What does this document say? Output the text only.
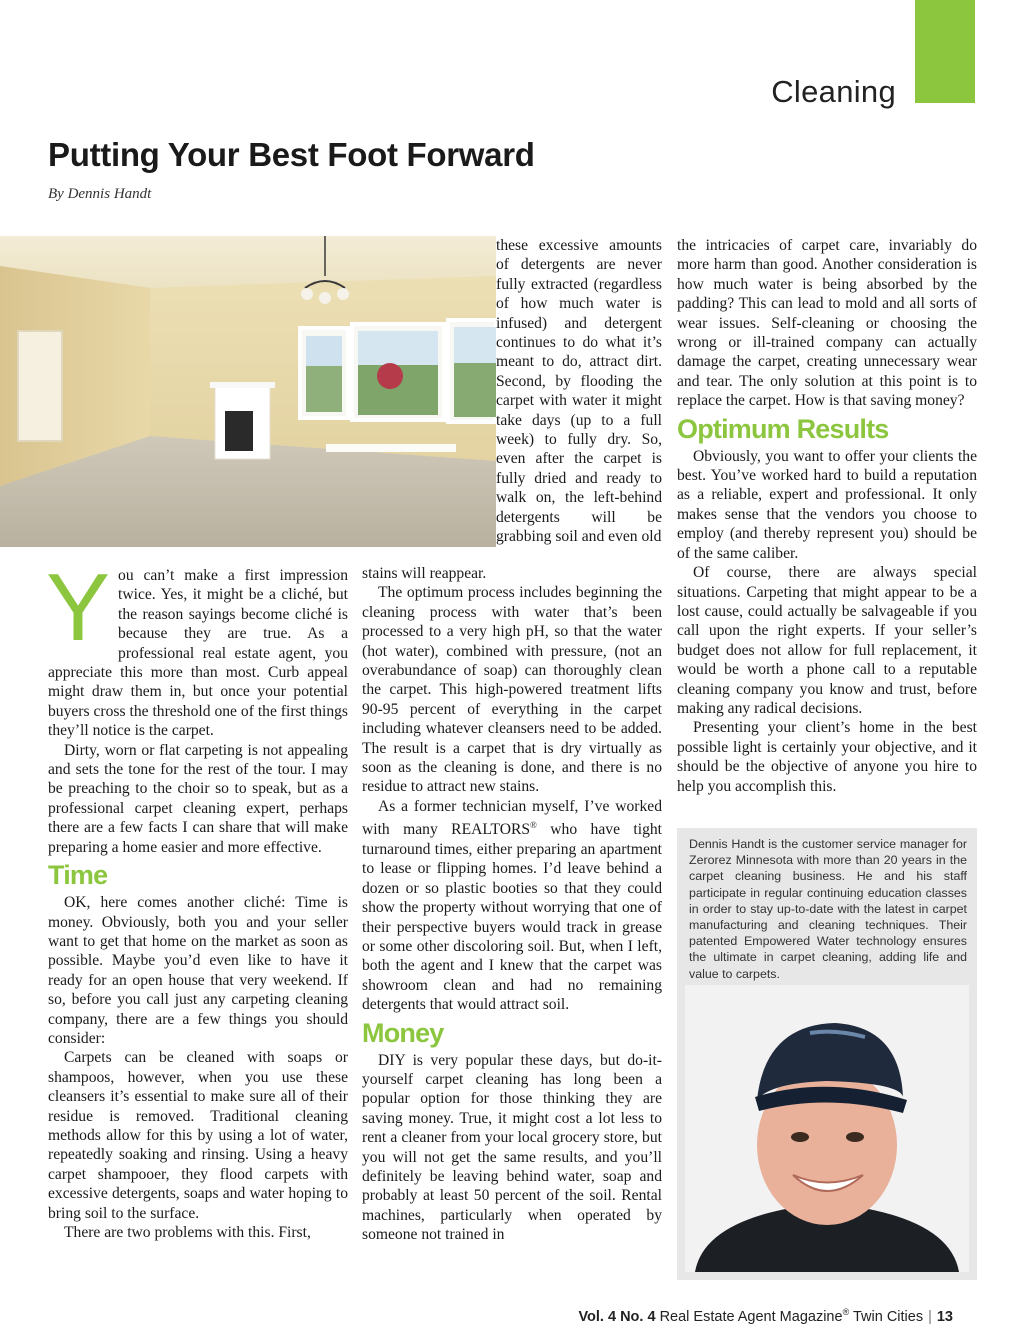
Cleaning
Putting Your Best Foot Forward
By Dennis Handt

these excessive amounts of detergents are never fully extracted (regardless of how much water is infused) and detergent continues to do what it’s meant to do, attract dirt. Second, by flooding the carpet with water it might take days (up to a full week) to fully dry. So, even after the carpet is fully dried and ready to walk on, the left-behind detergents will be grabbing soil and even old

Y ou can’t make a first impression twice. Yes, it might be a cliché, but the reason sayings become cliché is because they are true. As a professional real estate agent, you appreciate this more than most. Curb appeal might draw them in, but once your potential buyers cross the threshold one of the first things they’ll notice is the carpet.

Dirty, worn or flat carpeting is not appealing and sets the tone for the rest of the tour. I may be preaching to the choir so to speak, but as a professional carpet cleaning expert, perhaps there are a few facts I can share that will make preparing a home easier and more effective.

Time

OK, here comes another cliché: Time is money. Obviously, both you and your seller want to get that home on the market as soon as possible. Maybe you’d even like to have it ready for an open house that very weekend. If so, before you call just any carpeting cleaning company, there are a few things you should consider:

Carpets can be cleaned with soaps or shampoos, however, when you use these cleansers it’s essential to make sure all of their residue is removed. Traditional cleaning methods allow for this by using a lot of water, repeatedly soaking and rinsing. Using a heavy carpet shampooer, they flood carpets with excessive detergents, soaps and water hoping to bring soil to the surface.

There are two problems with this. First,

stains will reappear.

The optimum process includes beginning the cleaning process with water that’s been processed to a very high pH, so that the water (hot water), combined with pressure, (not an overabundance of soap) can thoroughly clean the carpet. This high-powered treatment lifts 90-95 percent of everything in the carpet including whatever cleansers need to be added. The result is a carpet that is dry virtually as soon as the cleaning is done, and there is no residue to attract new stains.

As a former technician myself, I’ve worked with many REALTORS® who have tight turnaround times, either preparing an apartment to lease or flipping homes. I’d leave behind a dozen or so plastic booties so that they could show the property without worrying that one of their perspective buyers would track in grease or some other discoloring soil. But, when I left, both the agent and I knew that the carpet was showroom clean and had no remaining detergents that would attract soil.

Money

DIY is very popular these days, but do-it-yourself carpet cleaning has long been a popular option for those thinking they are saving money. True, it might cost a lot less to rent a cleaner from your local grocery store, but you will not get the same results, and you’ll definitely be leaving behind water, soap and probably at least 50 percent of the soil. Rental machines, particularly when operated by someone not trained in

the intricacies of carpet care, invariably do more harm than good. Another consideration is how much water is being absorbed by the padding? This can lead to mold and all sorts of wear issues. Self-cleaning or choosing the wrong or ill-trained company can actually damage the carpet, creating unnecessary wear and tear. The only solution at this point is to replace the carpet. How is that saving money?

Optimum Results

Obviously, you want to offer your clients the best. You’ve worked hard to build a reputation as a reliable, expert and professional. It only makes sense that the vendors you choose to employ (and thereby represent you) should be of the same caliber.

Of course, there are always special situations. Carpeting that might appear to be a lost cause, could actually be salvageable if you call upon the right experts. If your seller’s budget does not allow for full replacement, it would be worth a phone call to a reputable cleaning company you know and trust, before making any radical decisions.

Presenting your client’s home in the best possible light is certainly your objective, and it should be the objective of anyone you hire to help you accomplish this.

Dennis Handt is the customer service manager for Zerorez Minnesota with more than 20 years in the carpet cleaning business. He and his staff participate in regular continuing education classes in order to stay up-to-date with the latest in carpet manufacturing and cleaning techniques. Their patented Empowered Water technology ensures the ultimate in carpet cleaning, adding life and value to carpets.
Vol. 4 No. 4 Real Estate Agent Magazine® Twin Cities | 13
